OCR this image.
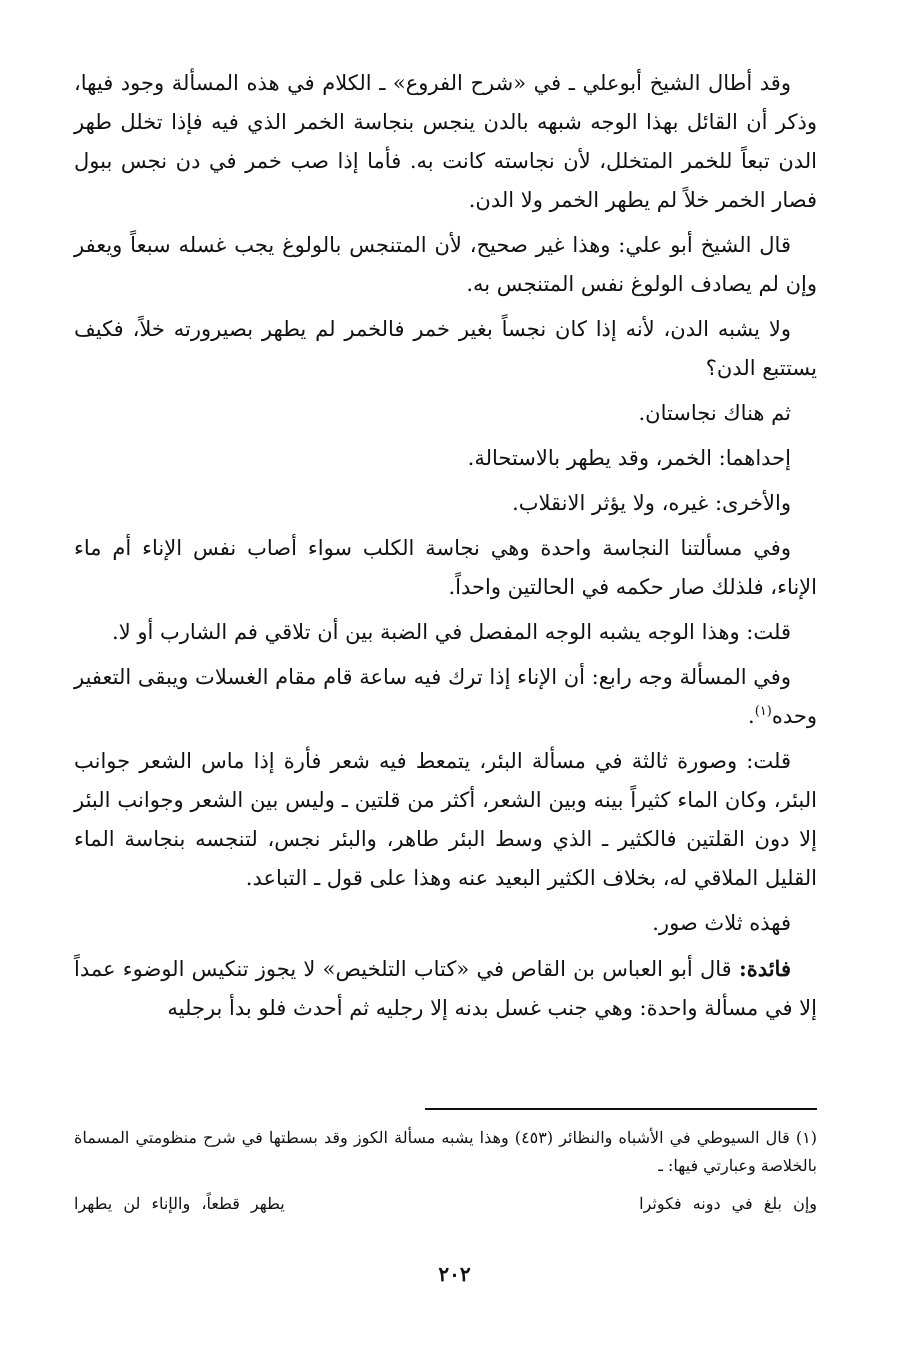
وقد أطال الشيخ أبوعلي ـ في «شرح الفروع» ـ الكلام في هذه المسألة وجود فيها، وذكر أن القائل بهذا الوجه شبهه بالدن ينجس بنجاسة الخمر الذي فيه فإذا تخلل طهر الدن تبعاً للخمر المتخلل، لأن نجاسته كانت به. فأما إذا صب خمر في دن نجس ببول فصار الخمر خلاً لم يطهر الخمر ولا الدن.

قال الشيخ أبو علي: وهذا غير صحيح، لأن المتنجس بالولوغ يجب غسله سبعاً ويعفر وإن لم يصادف الولوغ نفس المتنجس به.

ولا يشبه الدن، لأنه إذا كان نجساً بغير خمر فالخمر لم يطهر بصيرورته خلاً، فكيف يستتبع الدن؟

ثم هناك نجاستان.

إحداهما: الخمر، وقد يطهر بالاستحالة.

والأخرى: غيره، ولا يؤثر الانقلاب.

وفي مسألتنا النجاسة واحدة وهي نجاسة الكلب سواء أصاب نفس الإناء أم ماء الإناء، فلذلك صار حكمه في الحالتين واحداً.

قلت: وهذا الوجه يشبه الوجه المفصل في الضبة بين أن تلاقي فم الشارب أو لا.

وفي المسألة وجه رابع: أن الإناء إذا ترك فيه ساعة قام مقام الغسلات ويبقى التعفير وحده$^{(١)}$.

قلت: وصورة ثالثة في مسألة البئر، يتمعط فيه شعر فأرة إذا ماس الشعر جوانب البئر، وكان الماء كثيراً بينه وبين الشعر، أكثر من قلتين ـ وليس بين الشعر وجوانب البئر إلا دون القلتين فالكثير ـ الذي وسط البئر طاهر، والبئر نجس، لتنجسه بنجاسة الماء القليل الملاقي له، بخلاف الكثير البعيد عنه وهذا على قول ـ التباعد.

فهذه ثلاث صور.

فائدة: قال أبو العباس بن القاص في «كتاب التلخيص» لا يجوز تنكيس الوضوء عمداً إلا في مسألة واحدة: وهي جنب غسل بدنه إلا رجليه ثم أحدث فلو بدأ برجليه

(١) قال السيوطي في الأشباه والنظائر (٤٥٣) وهذا يشبه مسألة الكوز وقد بسطتها في شرح منظومتي المسماة بالخلاصة وعبارتي فيها: ـ

وإن بلغ في دونه فكوثرا
يطهر قطعاً، والإناء لن يطهرا
٢٠٢
